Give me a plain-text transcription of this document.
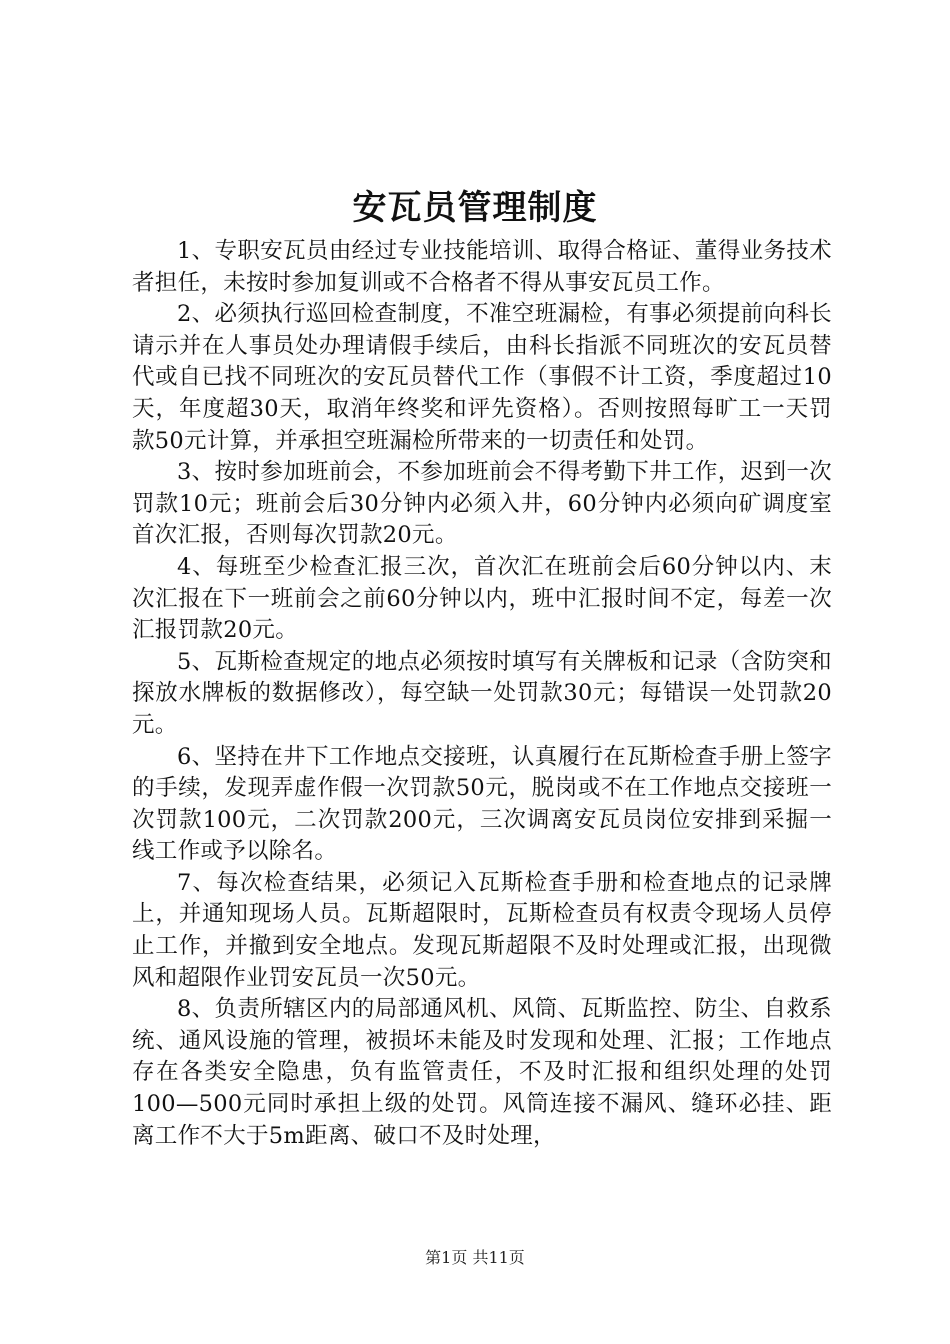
安瓦员管理制度

1、专职安瓦员由经过专业技能培训、取得合格证、董得业务技术者担任，未按时参加复训或不合格者不得从事安瓦员工作。

2、必须执行巡回检查制度，不准空班漏检，有事必须提前向科长请示并在人事员处办理请假手续后，由科长指派不同班次的安瓦员替代或自已找不同班次的安瓦员替代工作（事假不计工资，季度超过10天，年度超30天，取消年终奖和评先资格）。否则按照每旷工一天罚款50元计算，并承担空班漏检所带来的一切责任和处罚。

3、按时参加班前会，不参加班前会不得考勤下井工作，迟到一次罚款10元；班前会后30分钟内必须入井，60分钟内必须向矿调度室首次汇报，否则每次罚款20元。

4、每班至少检查汇报三次，首次汇在班前会后60分钟以内、末次汇报在下一班前会之前60分钟以内，班中汇报时间不定，每差一次汇报罚款20元。

5、瓦斯检查规定的地点必须按时填写有关牌板和记录（含防突和探放水牌板的数据修改），每空缺一处罚款30元；每错误一处罚款20元。

6、坚持在井下工作地点交接班，认真履行在瓦斯检查手册上签字的手续，发现弄虚作假一次罚款50元，脱岗或不在工作地点交接班一次罚款100元，二次罚款200元，三次调离安瓦员岗位安排到采掘一线工作或予以除名。

7、每次检查结果，必须记入瓦斯检查手册和检查地点的记录牌上，并通知现场人员。瓦斯超限时，瓦斯检查员有权责令现场人员停止工作，并撤到安全地点。发现瓦斯超限不及时处理或汇报，出现微风和超限作业罚安瓦员一次50元。

8、负责所辖区内的局部通风机、风筒、瓦斯监控、防尘、自救系统、通风设施的管理，被损坏未能及时发现和处理、汇报；工作地点存在各类安全隐患，负有监管责任，不及时汇报和组织处理的处罚100—500元同时承担上级的处罚。风筒连接不漏风、缝环必挂、距离工作不大于5m距离、破口不及时处理，

第1页 共11页
